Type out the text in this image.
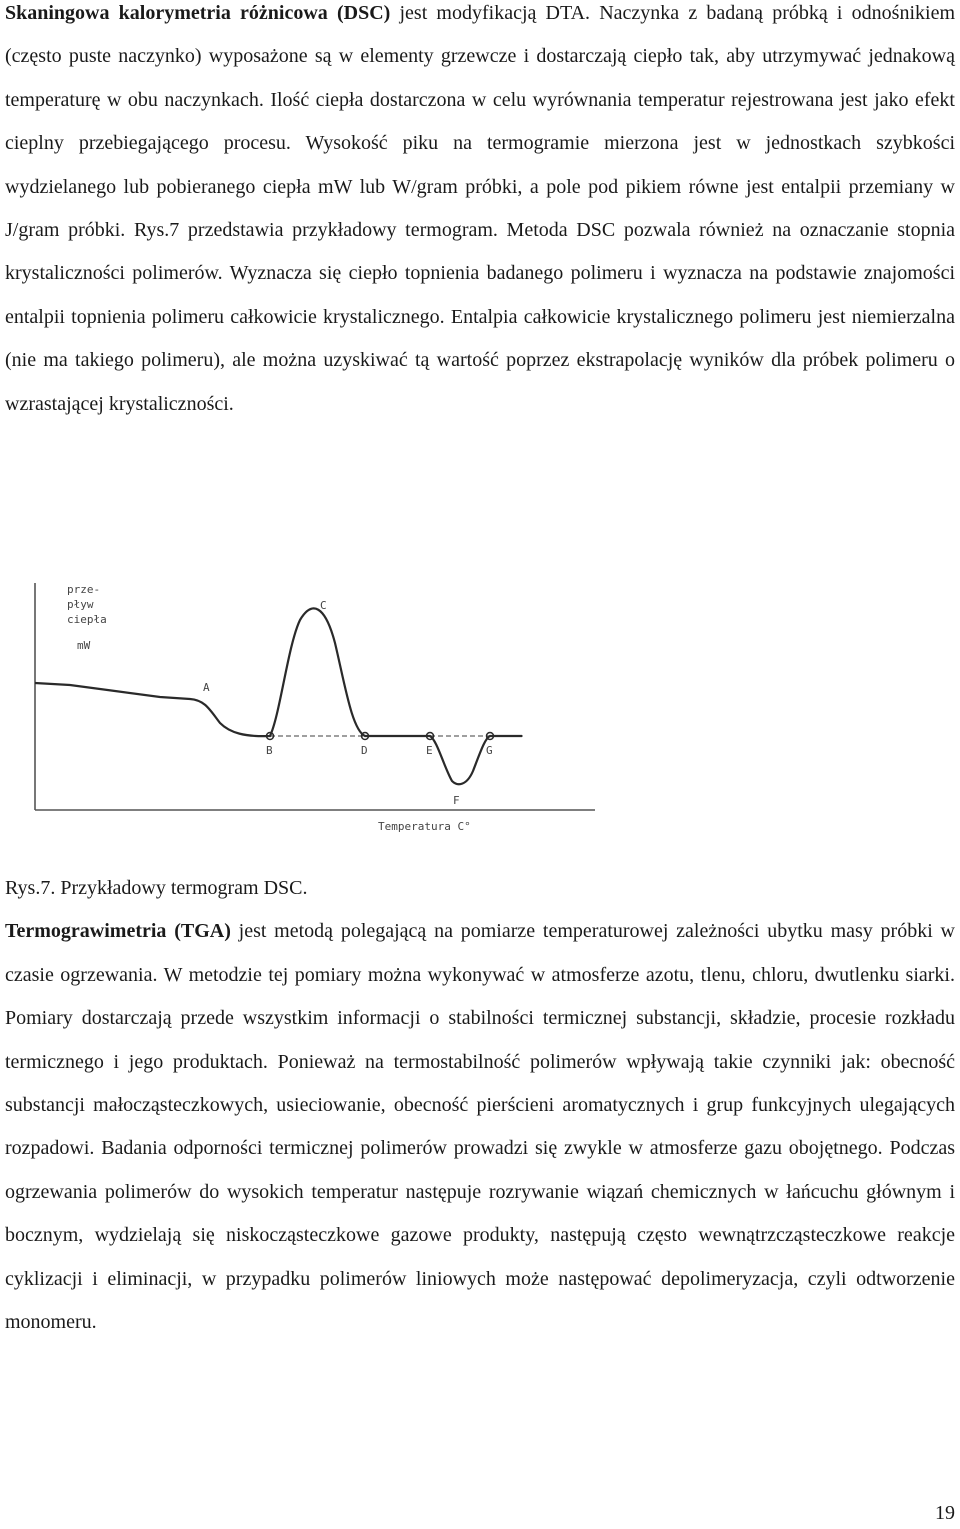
Skaningowa kalorymetria różnicowa (DSC) jest modyfikacją DTA. Naczynka z badaną próbką i odnośnikiem (często puste naczynko) wyposażone są w elementy grzewcze i dostarczają ciepło tak, aby utrzymywać jednakową temperaturę w obu naczynkach. Ilość ciepła dostarczona w celu wyrównania temperatur rejestrowana jest jako efekt cieplny przebiegającego procesu. Wysokość piku na termogramie mierzona jest w jednostkach szybkości wydzielanego lub pobieranego ciepła mW lub W/gram próbki, a pole pod pikiem równe jest entalpii przemiany w J/gram próbki. Rys.7 przedstawia przykładowy termogram. Metoda DSC pozwala również na oznaczanie stopnia krystaliczności polimerów. Wyznacza się ciepło topnienia badanego polimeru i wyznacza na podstawie znajomości entalpii topnienia polimeru całkowicie krystalicznego. Entalpia całkowicie krystalicznego polimeru jest niemierzalna (nie ma takiego polimeru), ale można uzyskiwać tą wartość poprzez ekstrapolację wyników dla próbek polimeru o wzrastającej krystaliczności.

prze-
pływ
ciepła
mW
Temperatura C°
A
B
C
D	E
F
G

Rys.7. Przykładowy termogram DSC.
Termograwimetria (TGA) jest metodą polegającą na pomiarze temperaturowej zależności ubytku masy próbki w czasie ogrzewania. W metodzie tej pomiary można wykonywać w atmosferze azotu, tlenu, chloru, dwutlenku siarki. Pomiary dostarczają przede wszystkim informacji o stabilności termicznej substancji, składzie, procesie rozkładu termicznego i jego produktach. Ponieważ na termostabilność polimerów wpływają takie czynniki jak: obecność substancji małocząsteczkowych, usieciowanie, obecność pierścieni aromatycznych i grup funkcyjnych ulegających rozpadowi. Badania odporności termicznej polimerów prowadzi się zwykle w atmosferze gazu obojętnego. Podczas ogrzewania polimerów do wysokich temperatur następuje rozrywanie wiązań chemicznych w łańcuchu głównym i bocznym, wydzielają się niskocząsteczkowe gazowe produkty, następują często wewnątrzcząsteczkowe reakcje cyklizacji i eliminacji, w przypadku polimerów liniowych może następować depolimeryzacja, czyli odtworzenie monomeru.

19
